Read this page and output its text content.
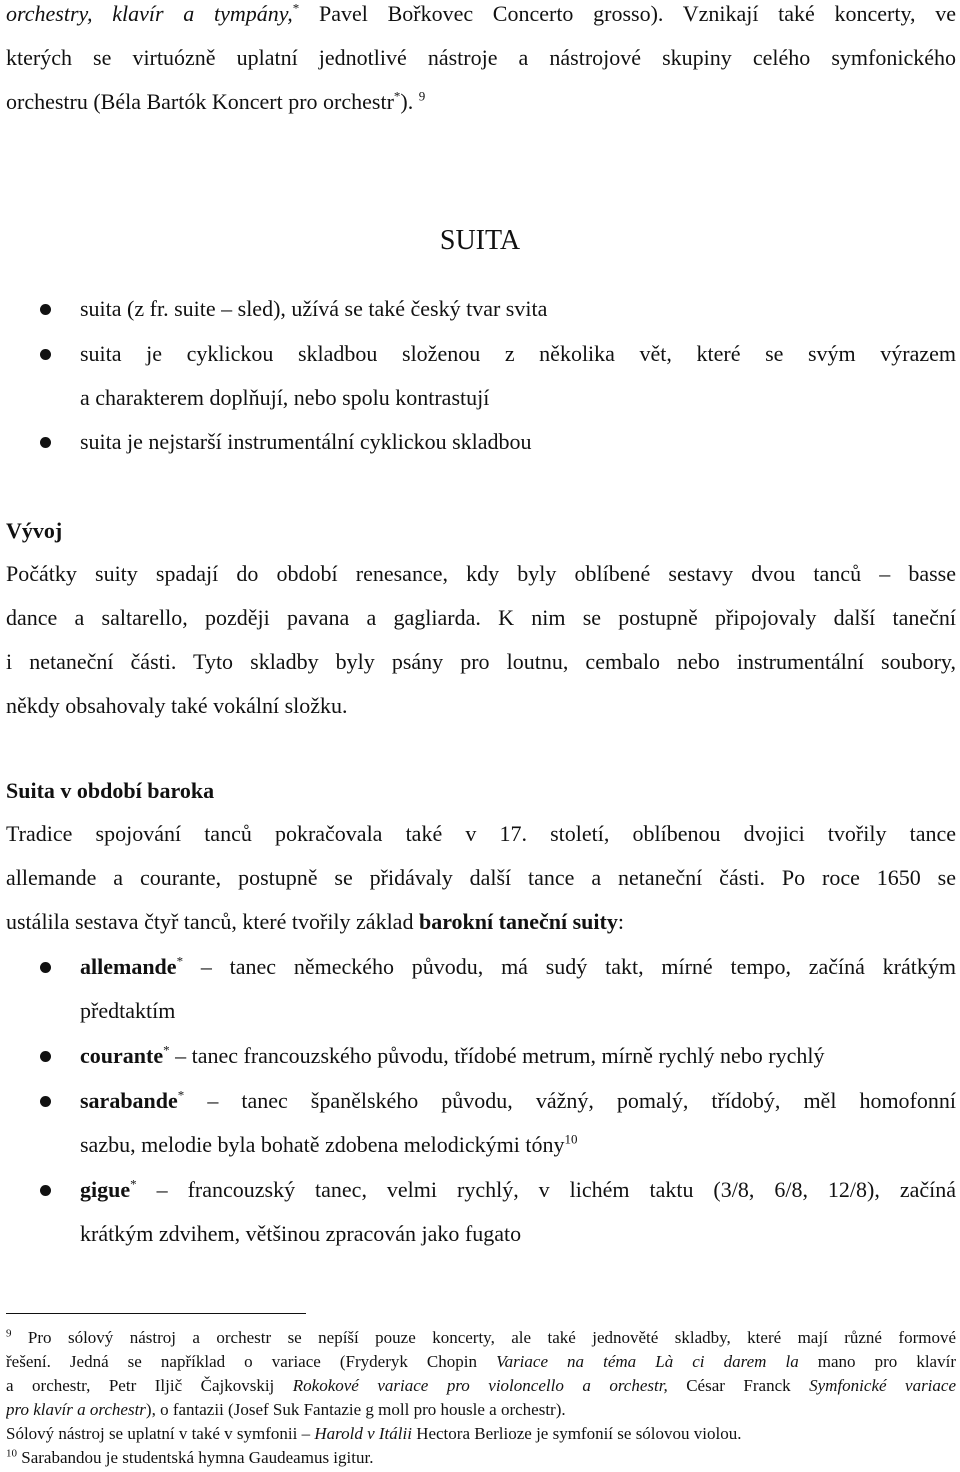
orchestry, klavír a tympány,* Pavel Bořkovec Concerto grosso). Vznikají také koncerty, ve
kterých se virtuózně uplatní jednotlivé nástroje a nástrojové skupiny celého symfonického
orchestru (Béla Bartók Koncert pro orchestr*). $^9$
SUITA
suita (z fr. suite – sled), užívá se také český tvar svita
suita je cyklickou skladbou složenou z několika vět, které se svým výrazem
a charakterem doplňují, nebo spolu kontrastují
suita je nejstarší instrumentální cyklickou skladbou
Vývoj
Počátky suity spadají do období renesance, kdy byly oblíbené sestavy dvou tanců – basse
dance a saltarello, později pavana a gagliarda. K nim se postupně připojovaly další taneční
i netaneční části. Tyto skladby byly psány pro loutnu, cembalo nebo instrumentální soubory,
někdy obsahovaly také vokální složku.
Suita v období baroka
Tradice spojování tanců pokračovala také v 17. století, oblíbenou dvojici tvořily tance
allemande a courante, postupně se přidávaly další tance a netaneční části. Po roce 1650 se
ustálila sestava čtyř tanců, které tvořily základ barokní taneční suity:
allemande* – tanec německého původu, má sudý takt, mírné tempo, začíná krátkým
předtaktím
courante* – tanec francouzského původu, třídobé metrum, mírně rychlý nebo rychlý
sarabande* – tanec španělského původu, vážný, pomalý, třídobý, měl homofonní
sazbu, melodie byla bohatě zdobena melodickými tóny$^{10}$
gigue* – francouzský tanec, velmi rychlý, v lichém taktu (3/8, 6/8, 12/8), začíná
krátkým zdvihem, většinou zpracován jako fugato
$^9$ Pro sólový nástroj a orchestr se nepíší pouze koncerty, ale také jednověté skladby, které mají různé formové
řešení. Jedná se například o variace (Fryderyk Chopin Variace na téma Là ci darem la mano pro klavír
a orchestr, Petr Iljič Čajkovskij Rokokové variace pro violoncello a orchestr, César Franck Symfonické variace
pro klavír a orchestr), o fantazii (Josef Suk Fantazie g moll pro housle a orchestr).
Sólový nástroj se uplatní v také v symfonii – Harold v Itálii Hectora Berlioze je symfonií se sólovou violou.
$^{10}$ Sarabandou je studentská hymna Gaudeamus igitur.
